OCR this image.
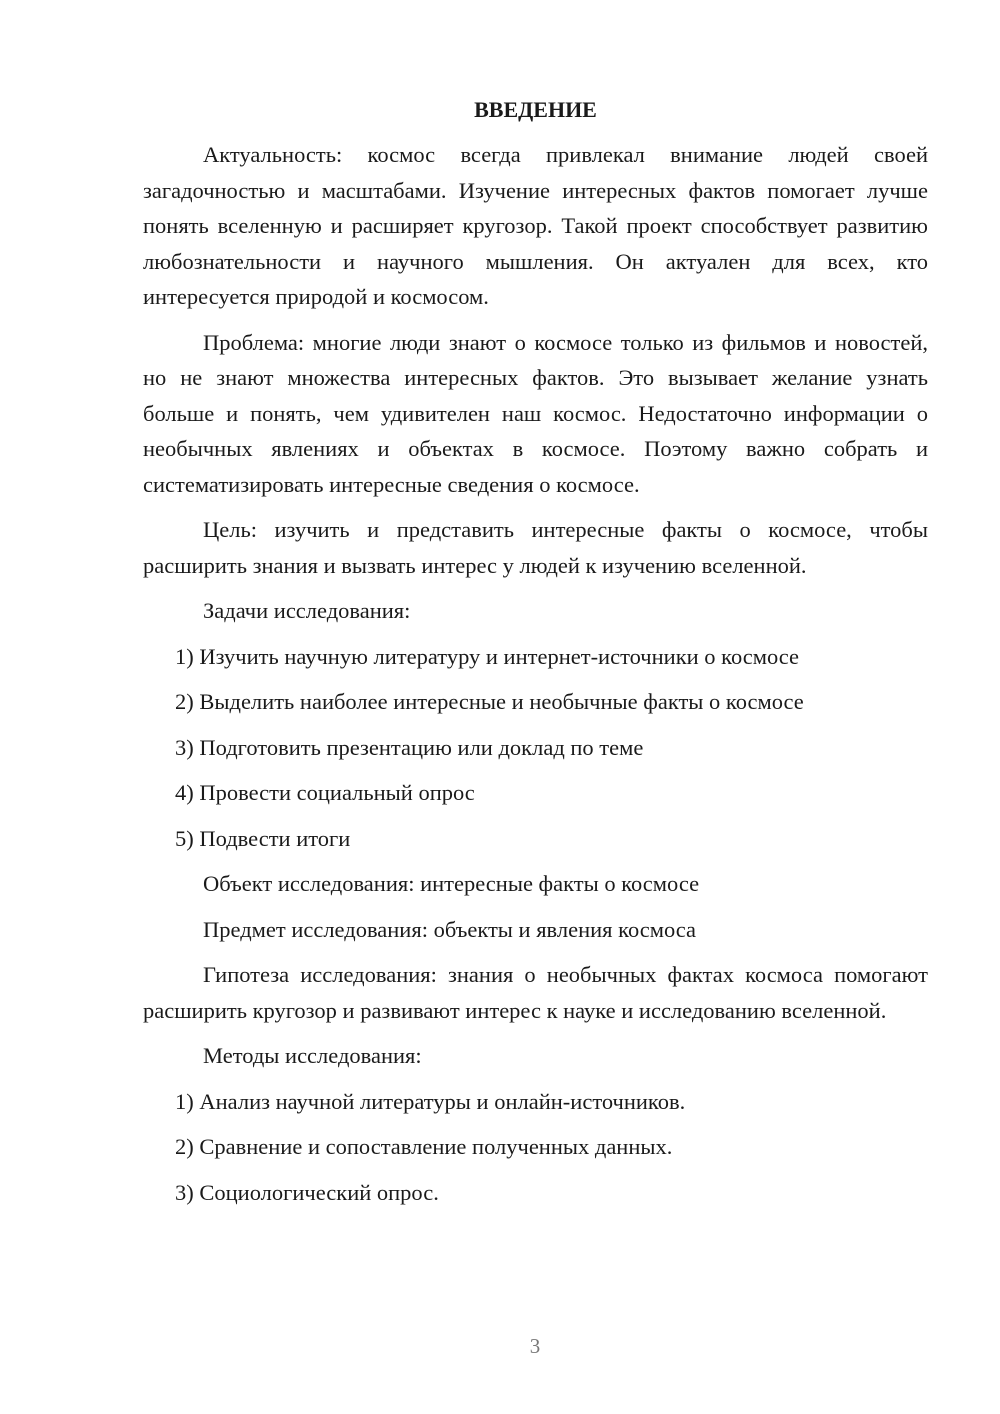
ВВЕДЕНИЕ
Актуальность: космос всегда привлекал внимание людей своей загадочностью и масштабами. Изучение интересных фактов помогает лучше понять вселенную и расширяет кругозор. Такой проект способствует развитию любознательности и научного мышления. Он актуален для всех, кто интересуется природой и космосом.
Проблема: многие люди знают о космосе только из фильмов и новостей, но не знают множества интересных фактов. Это вызывает желание узнать больше и понять, чем удивителен наш космос. Недостаточно информации о необычных явлениях и объектах в космосе. Поэтому важно собрать и систематизировать интересные сведения о космосе.
Цель: изучить и представить интересные факты о космосе, чтобы расширить знания и вызвать интерес у людей к изучению вселенной.
Задачи исследования:
1) Изучить научную литературу и интернет-источники о космосе
2) Выделить наиболее интересные и необычные факты о космосе
3) Подготовить презентацию или доклад по теме
4) Провести социальный опрос
5) Подвести итоги
Объект исследования: интересные факты о космосе
Предмет исследования: объекты и явления космоса
Гипотеза исследования: знания о необычных фактах космоса помогают расширить кругозор и развивают интерес к науке и исследованию вселенной.
Методы исследования:
1) Анализ научной литературы и онлайн-источников.
2) Сравнение и сопоставление полученных данных.
3) Социологический опрос.
3
